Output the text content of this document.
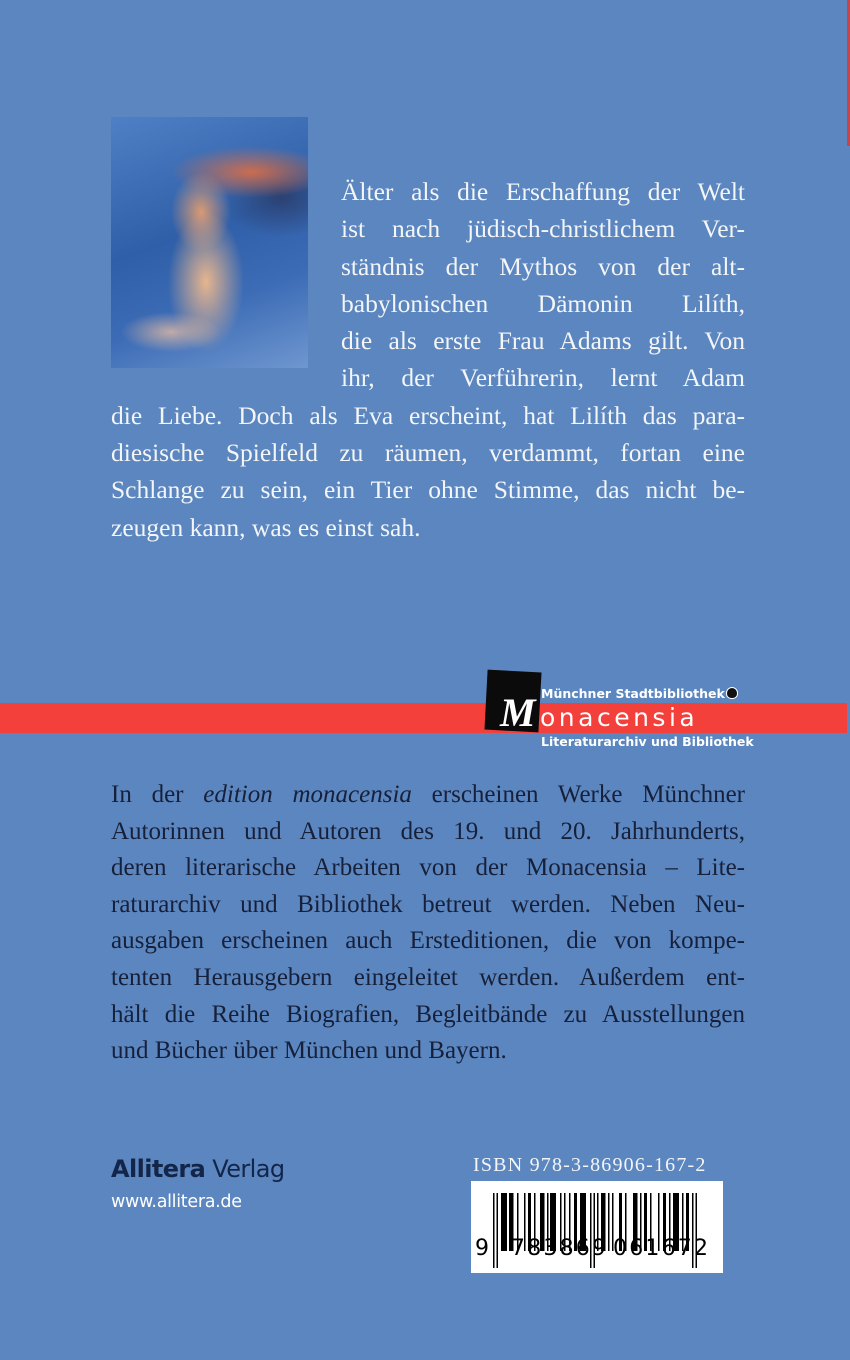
Älter als die Erschaffung der Welt
ist nach jüdisch-christlichem Ver-
ständnis der Mythos von der alt-
babylonischen Dämonin Lilíth,
die als erste Frau Adams gilt. Von
ihr, der Verführerin, lernt Adam
die Liebe. Doch als Eva erscheint, hat Lilíth das para-
diesische Spielfeld zu räumen, verdammt, fortan eine
Schlange zu sein, ein Tier ohne Stimme, das nicht be-
zeugen kann, was es einst sah.
M Münchner Stadtbibliothek
onacensia
Literaturarchiv und Bibliothek
In der edition monacensia erscheinen Werke Münchner
Autorinnen und Autoren des 19. und 20. Jahrhunderts,
deren literarische Arbeiten von der Monacensia – Lite-
raturarchiv und Bibliothek betreut werden. Neben Neu-
ausgaben erscheinen auch Ersteditionen, die von kompe-
tenten Herausgebern eingeleitet werden. Außerdem ent-
hält die Reihe Biografien, Begleitbände zu Ausstellungen
und Bücher über München und Bayern.
Allitera Verlag
www.allitera.de
ISBN 978-3-86906-167-2
9 783869 061672
